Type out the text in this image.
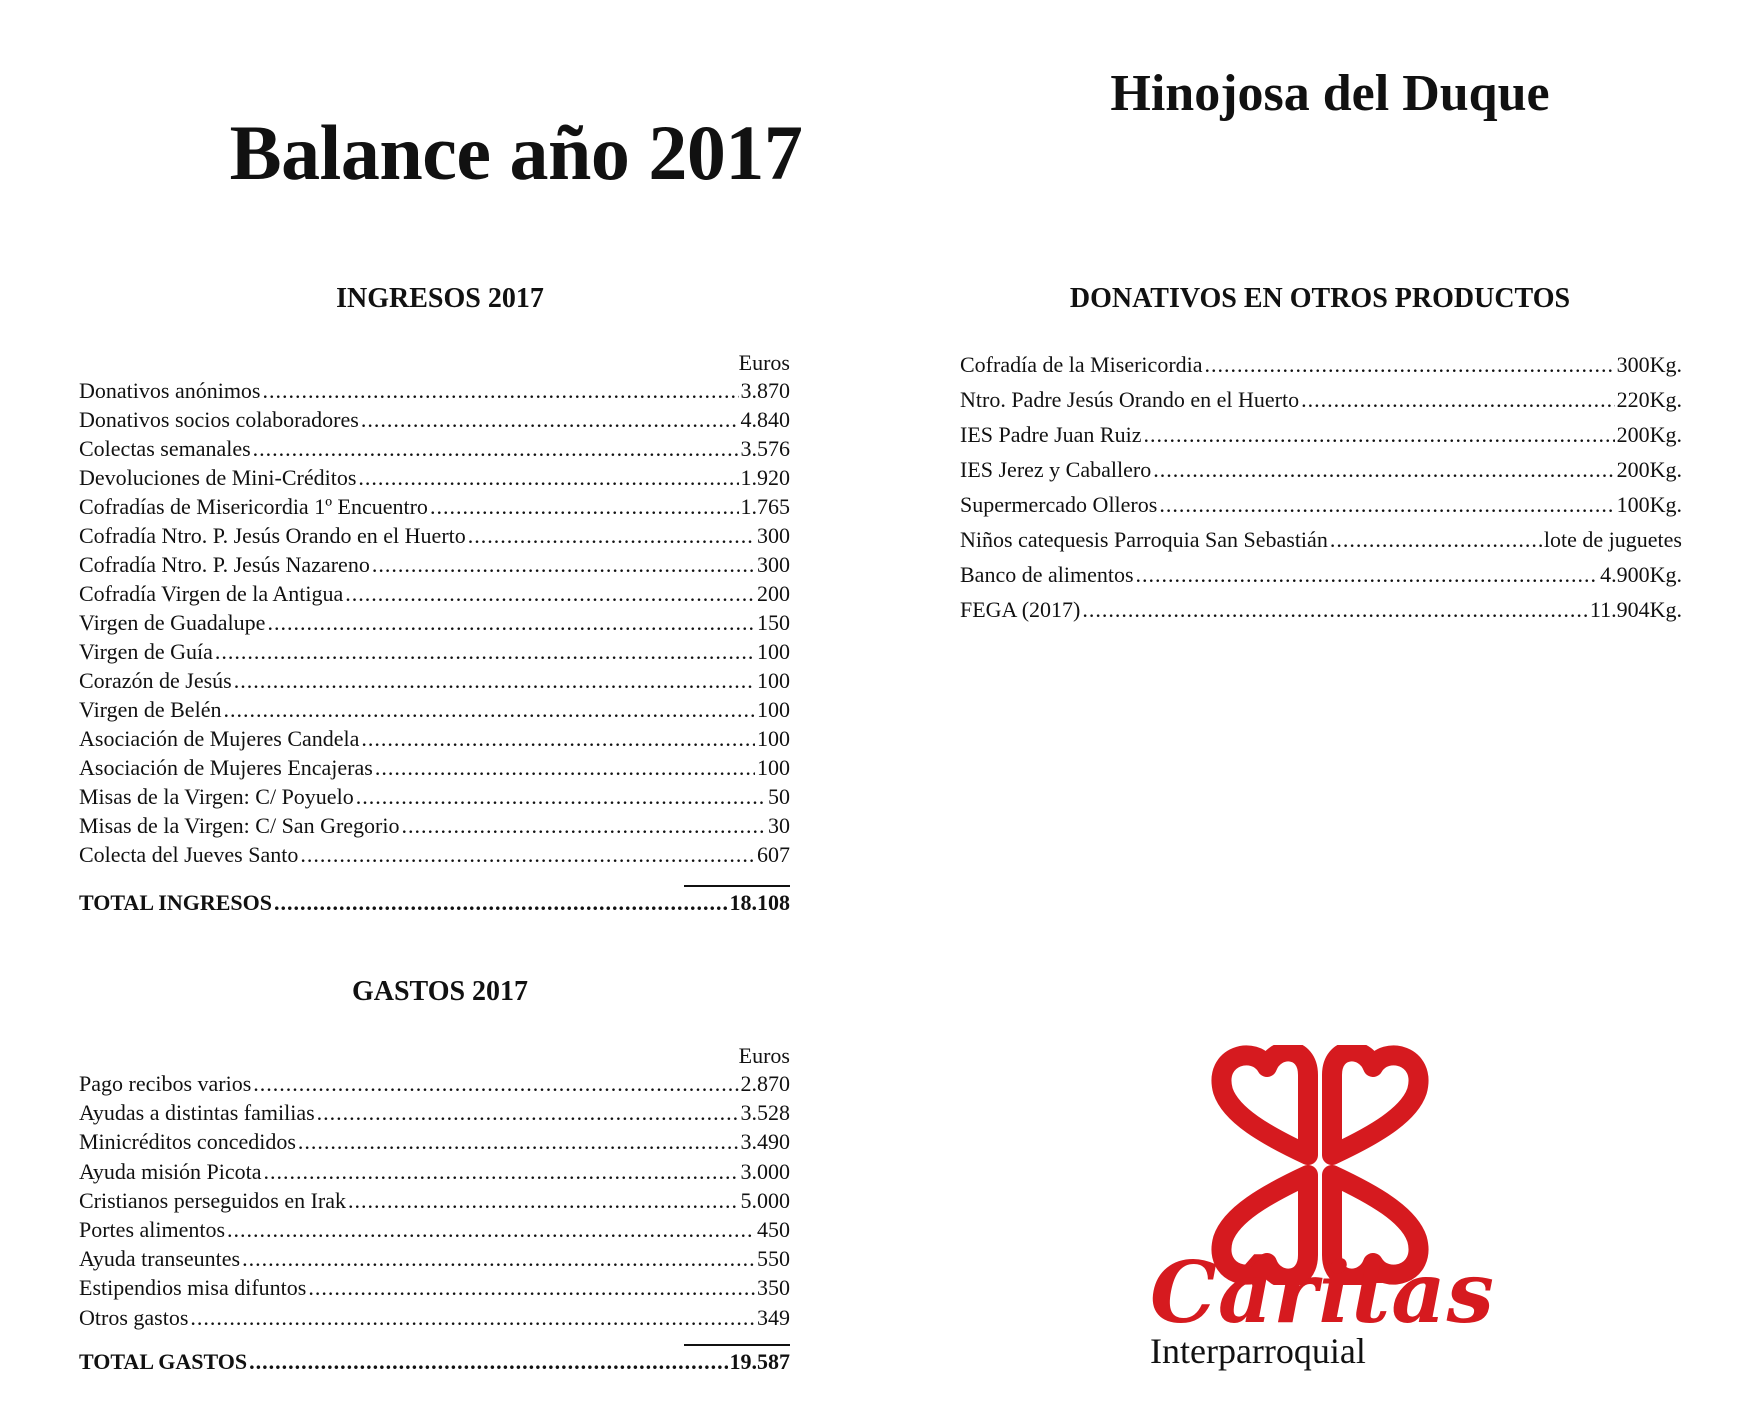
Balance año 2017
Hinojosa del Duque
INGRESOS 2017
Euros
Donativos anónimos .....	3.870
Donativos socios colaboradores .....	4.840
Colectas semanales .....	3.576
Devoluciones de Mini-Créditos .....	1.920
Cofradías de Misericordia 1º Encuentro .....	1.765
Cofradía Ntro. P. Jesús Orando en el Huerto .....	300
Cofradía Ntro. P. Jesús Nazareno .....	300
Cofradía Virgen de la Antigua .....	200
Virgen de Guadalupe .....	150
Virgen de Guía .....	100
Corazón de Jesús .....	100
Virgen de Belén .....	100
Asociación de Mujeres Candela .....	100
Asociación de Mujeres Encajeras .....	100
Misas de la Virgen: C/ Poyuelo .....	50
Misas de la Virgen: C/ San Gregorio .....	30
Colecta del Jueves Santo .....	607
TOTAL INGRESOS .....	18.108
GASTOS 2017
Euros
Pago recibos varios .....	2.870
Ayudas a distintas familias .....	3.528
Minicréditos concedidos .....	3.490
Ayuda misión Picota .....	3.000
Cristianos perseguidos en Irak .....	5.000
Portes alimentos .....	450
Ayuda transeuntes .....	550
Estipendios misa difuntos .....	350
Otros gastos .....	349
TOTAL GASTOS .....	19.587
DONATIVOS EN OTROS PRODUCTOS
Cofradía de la Misericordia .....	300Kg.
Ntro. Padre Jesús Orando en el Huerto .....	220Kg.
IES Padre Juan Ruiz .....	200Kg.
IES Jerez y Caballero .....	200Kg.
Supermercado Olleros .....	100Kg.
Niños catequesis Parroquia San Sebastián .....	lote de juguetes
Banco de alimentos .....	4.900Kg.
FEGA (2017) .....	11.904Kg.
Cáritas
Interparroquial
